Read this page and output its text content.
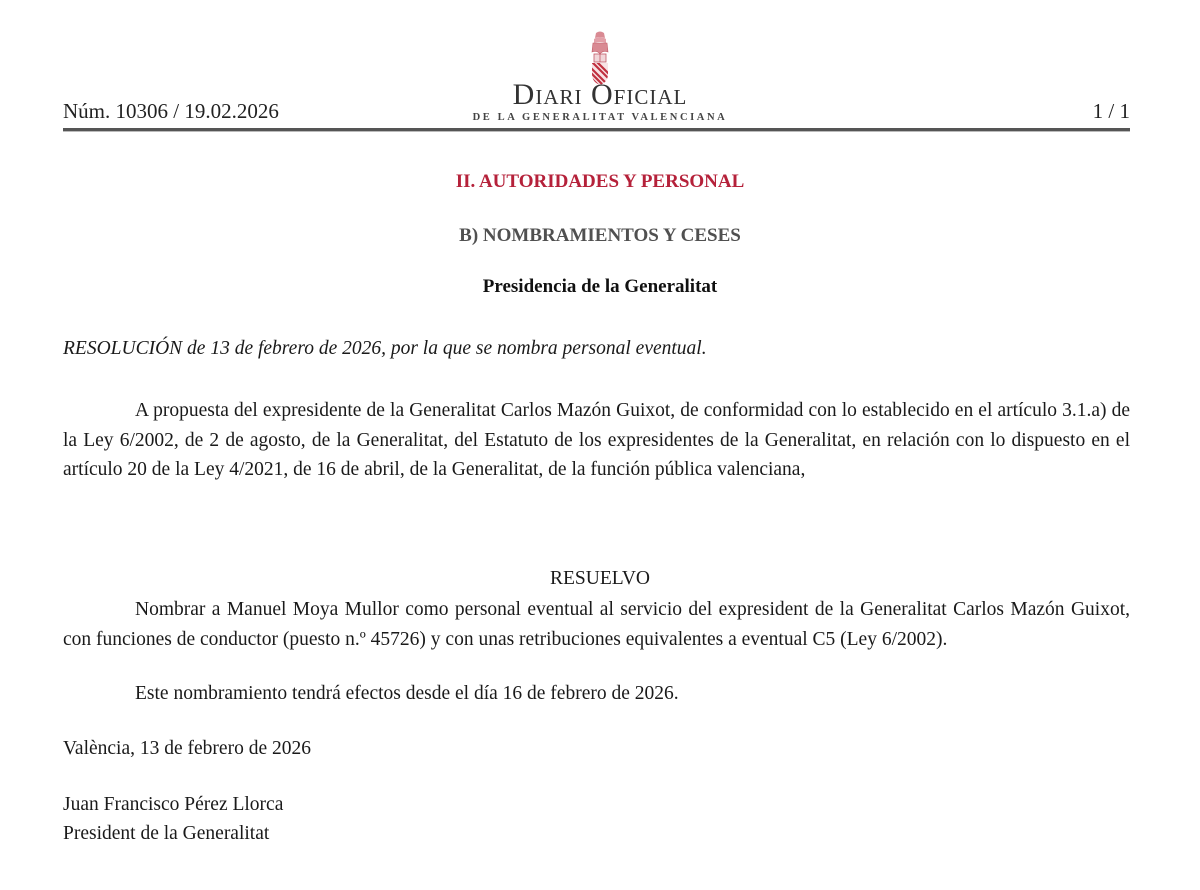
Núm. 10306 / 19.02.2026	1 / 1
Diari Oficial
DE LA GENERALITAT VALENCIANA
II. AUTORIDADES Y PERSONAL
B) NOMBRAMIENTOS Y CESES
Presidencia de la Generalitat
RESOLUCIÓN de 13 de febrero de 2026, por la que se nombra personal eventual.
A propuesta del expresidente de la Generalitat Carlos Mazón Guixot, de conformidad con lo establecido en el artículo 3.1.a) de la Ley 6/2002, de 2 de agosto, de la Generalitat, del Estatuto de los expresidentes de la Generalitat, en relación con lo dispuesto en el artículo 20 de la Ley 4/2021, de 16 de abril, de la Generalitat, de la función pública valenciana,
RESUELVO
Nombrar a Manuel Moya Mullor como personal eventual al servicio del expresident de la Generalitat Carlos Mazón Guixot, con funciones de conductor (puesto n.º 45726) y con unas retribuciones equivalentes a eventual C5 (Ley 6/2002).
Este nombramiento tendrá efectos desde el día 16 de febrero de 2026.
València, 13 de febrero de 2026
Juan Francisco Pérez Llorca
President de la Generalitat
